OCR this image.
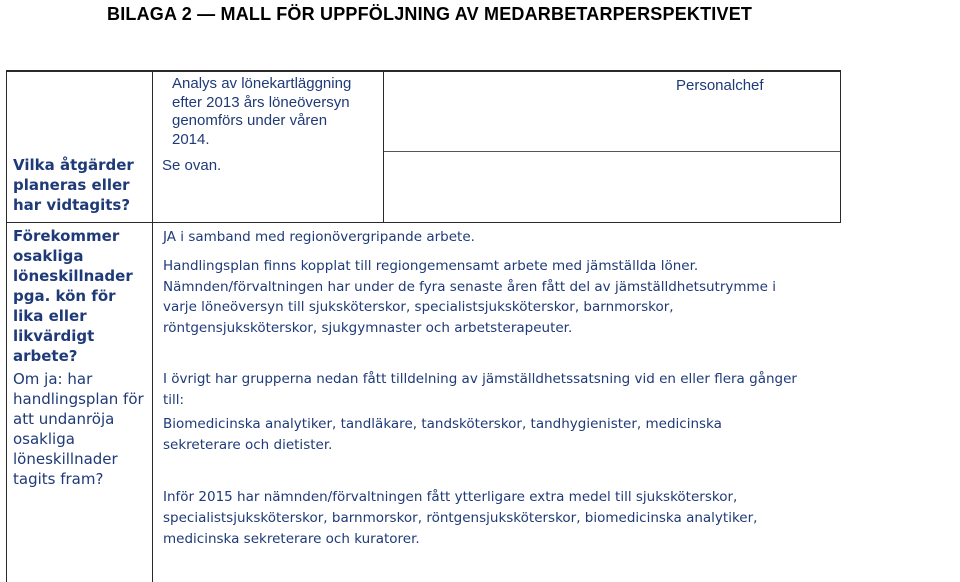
BILAGA 2 — MALL FÖR UPPFÖLJNING AV MEDARBETARPERSPEKTIVET
Vilka åtgärder
planeras eller
har vidtagits?
Förekommer
osakliga
löneskillnader
pga. kön för
lika eller
likvärdigt
arbete?
Om ja: har
handlingsplan för
att undanröja
osakliga
löneskillnader
tagits fram?
Analys av lönekartläggning
efter 2013 års löneöversyn
genomförs under våren
2014.
Se ovan.
Personalchef
JA i samband med regionövergripande arbete.
Handlingsplan finns kopplat till regiongemensamt arbete med jämställda löner.
Nämnden/förvaltningen har under de fyra senaste åren fått del av jämställdhetsutrymme i
varje löneöversyn till sjuksköterskor, specialistsjuksköterskor, barnmorskor,
röntgensjuksköterskor, sjukgymnaster och arbetsterapeuter.
I övrigt har grupperna nedan fått tilldelning av jämställdhetssatsning vid en eller flera gånger
till:
Biomedicinska analytiker, tandläkare, tandsköterskor, tandhygienister, medicinska
sekreterare och dietister.
Inför 2015 har nämnden/förvaltningen fått ytterligare extra medel till sjuksköterskor,
specialistsjuksköterskor, barnmorskor, röntgensjuksköterskor, biomedicinska analytiker,
medicinska sekreterare och kuratorer.
